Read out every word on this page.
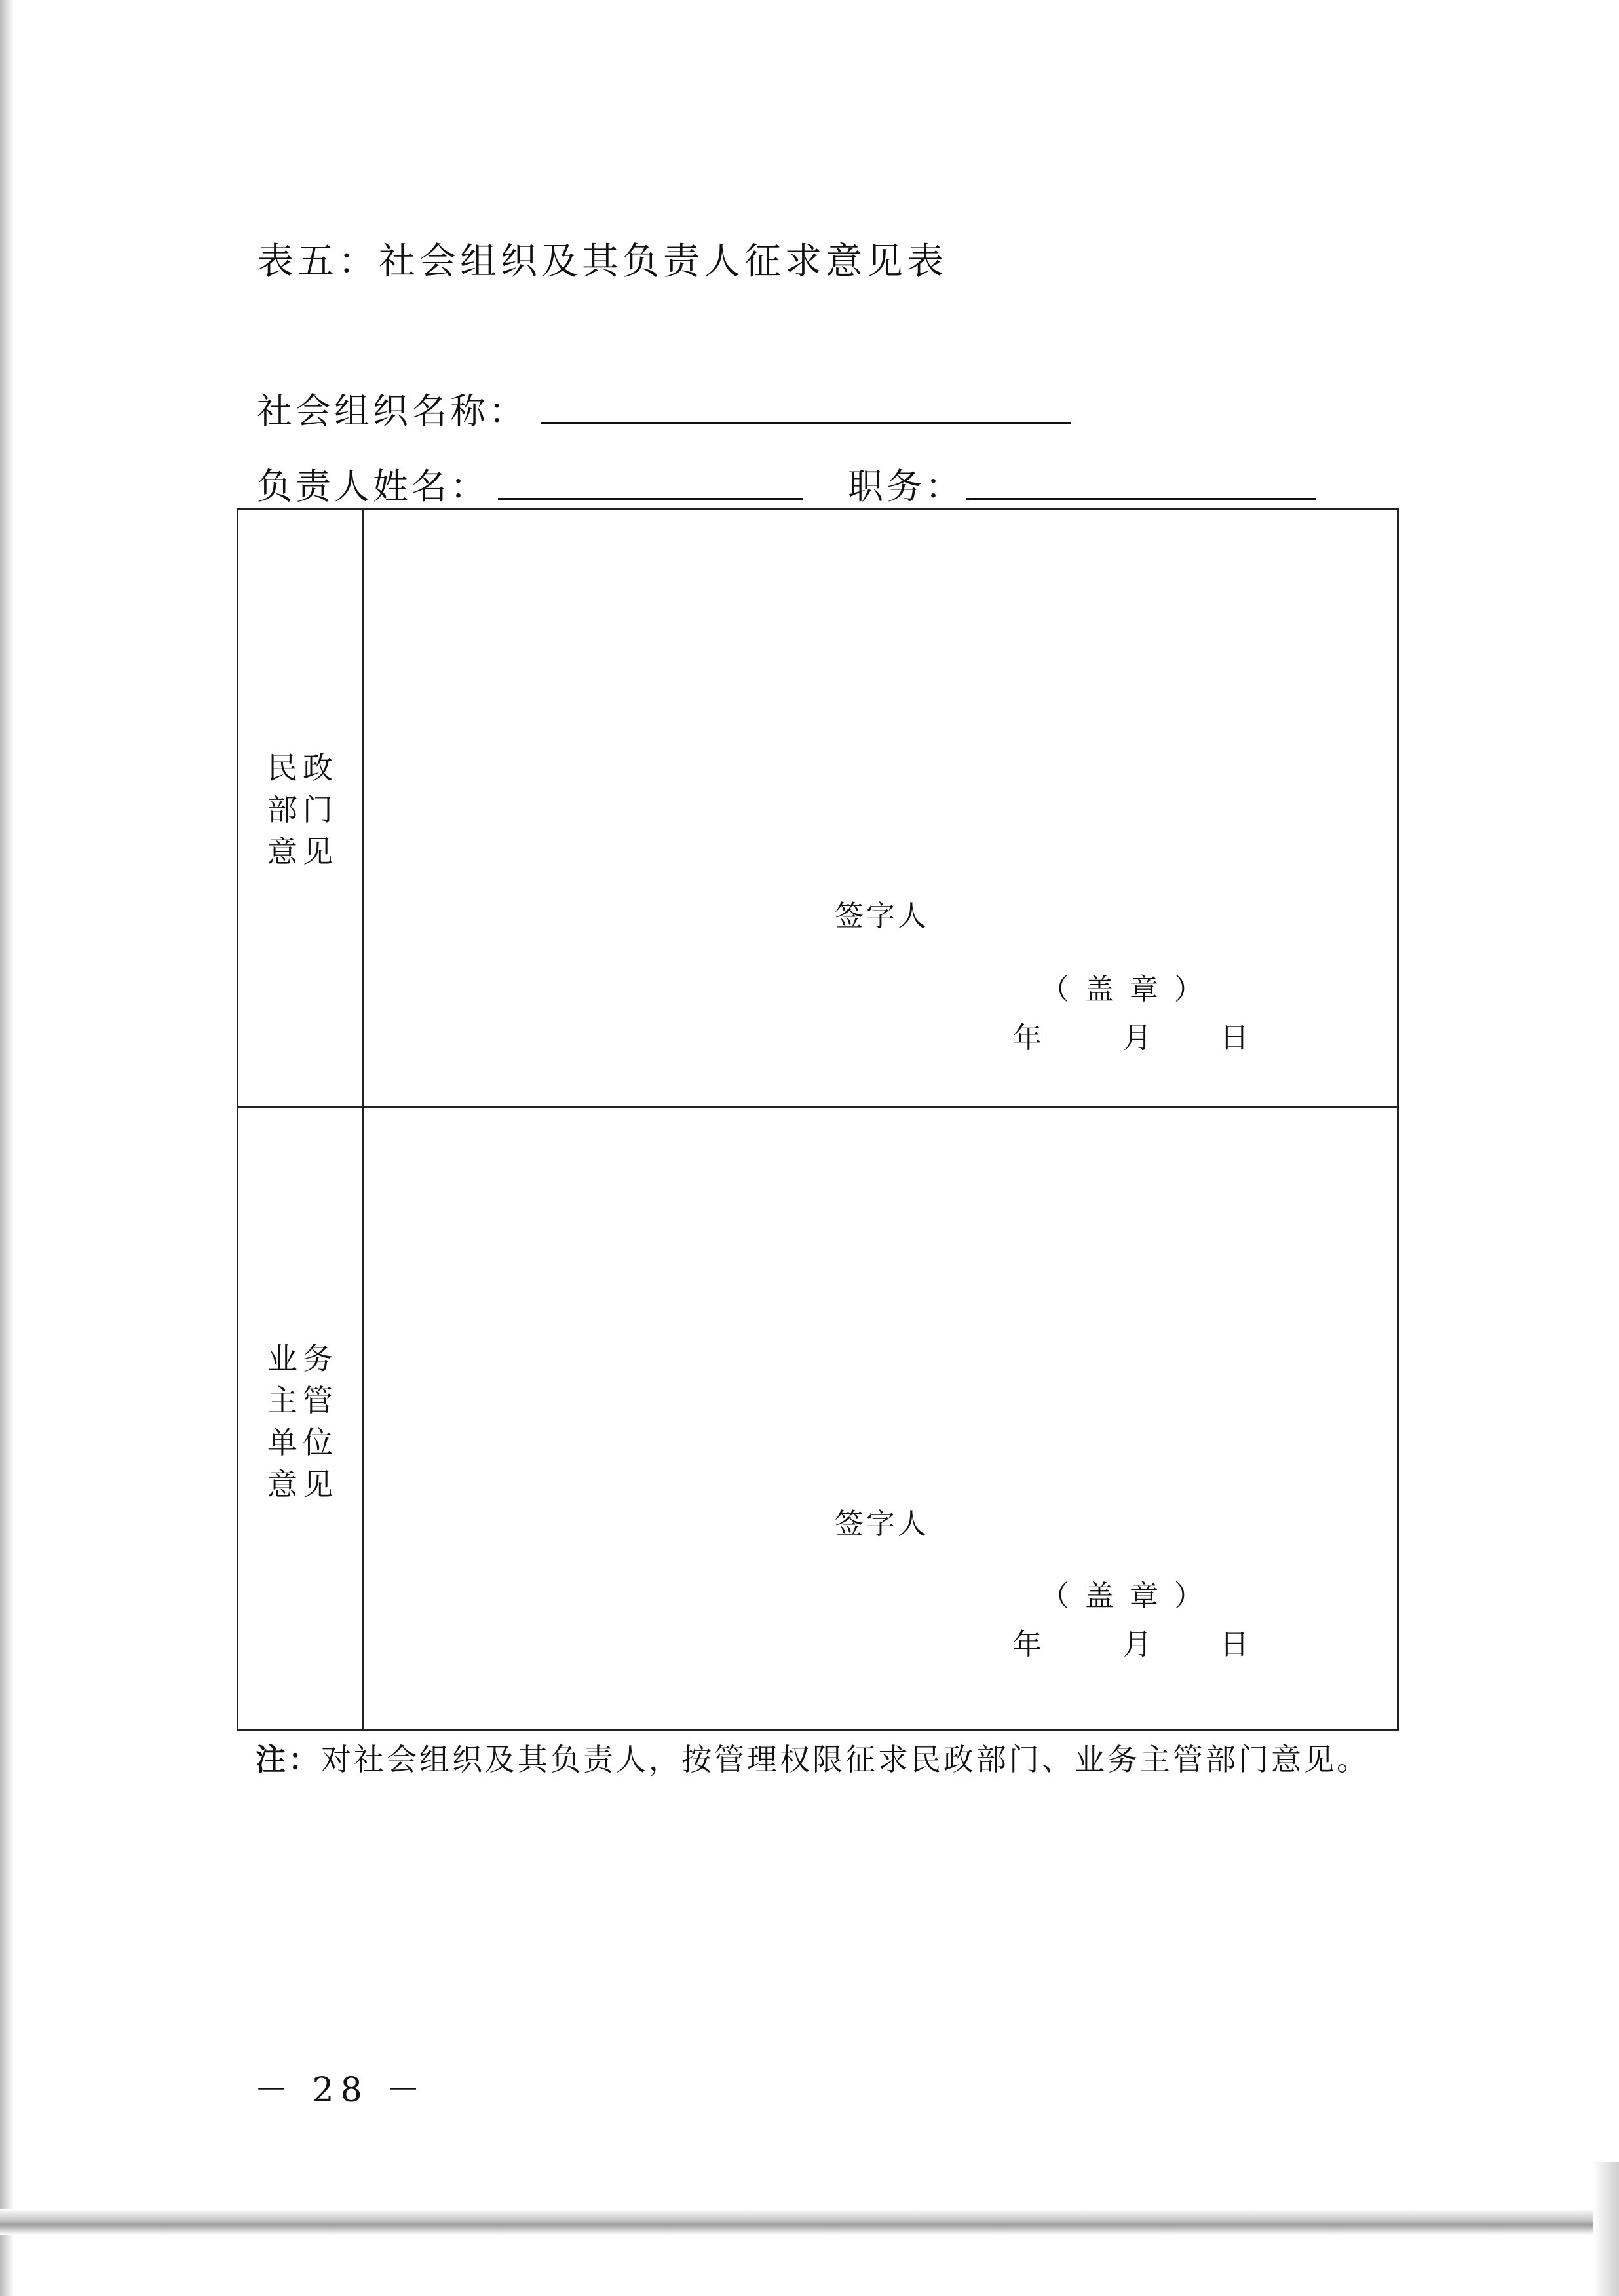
表五：社会组织及其负责人征求意见表
社会组织名称：
负责人姓名：	职务：
民政部门意见
签字人
（盖章）
年	月 日
业务主管单位意见
签字人
（盖章）
年	月 日
注：对社会组织及其负责人，按管理权限征求民政部门、业务主管部门意见。
－ 28 －
